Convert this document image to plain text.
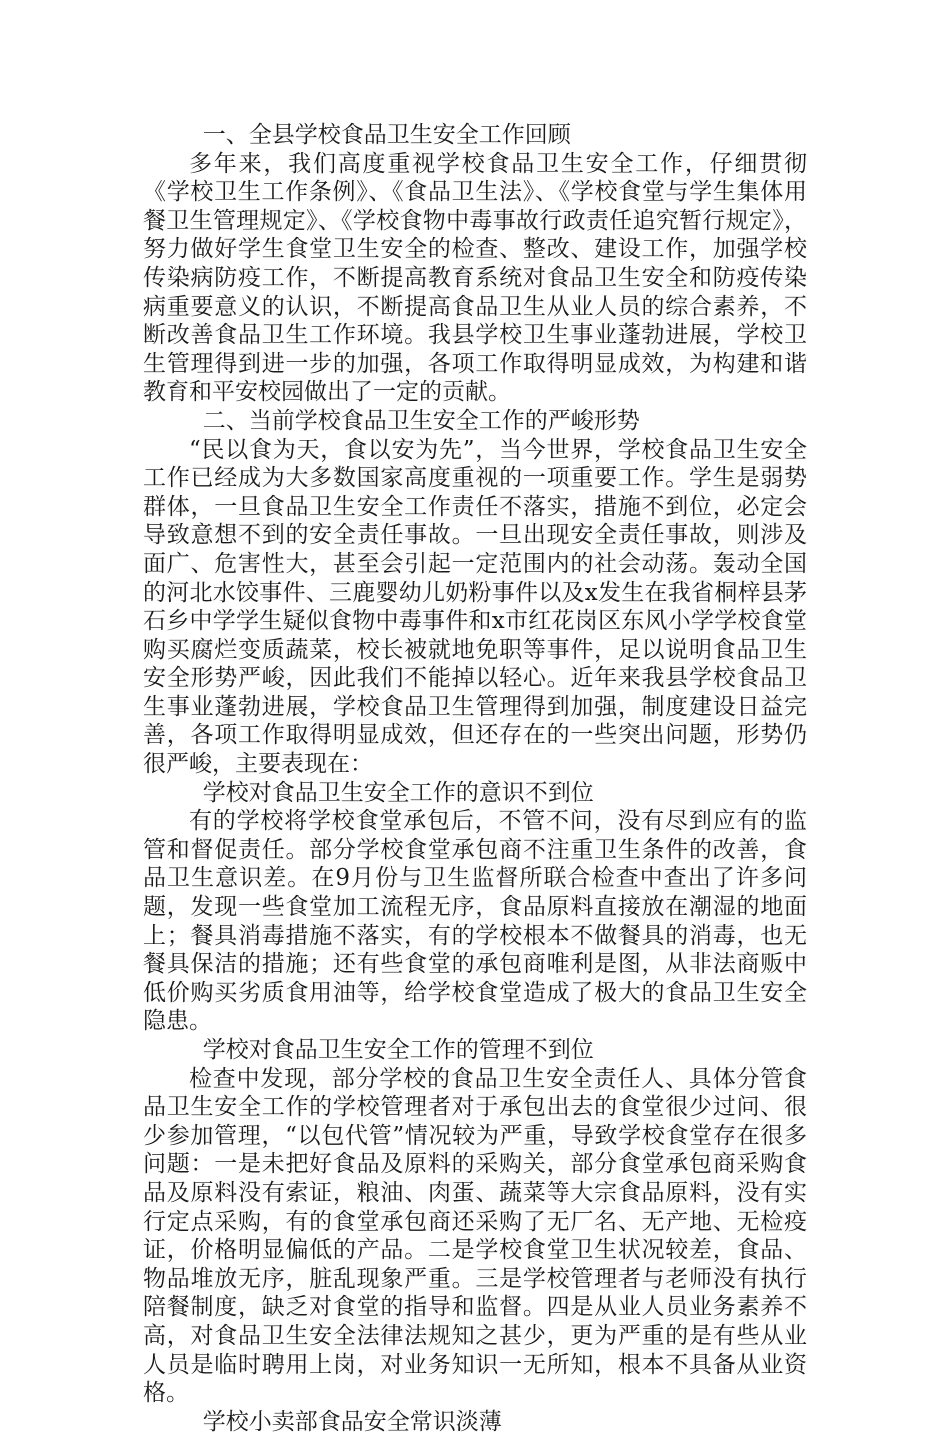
一、全县学校食品卫生安全工作回顾

多年来，我们高度重视学校食品卫生安全工作，仔细贯彻《学校卫生工作条例》、《食品卫生法》、《学校食堂与学生集体用餐卫生管理规定》、《学校食物中毒事故行政责任追究暂行规定》，努力做好学生食堂卫生安全的检查、整改、建设工作，加强学校传染病防疫工作，不断提高教育系统对食品卫生安全和防疫传染病重要意义的认识，不断提高食品卫生从业人员的综合素养，不断改善食品卫生工作环境。我县学校卫生事业蓬勃进展，学校卫生管理得到进一步的加强，各项工作取得明显成效，为构建和谐教育和平安校园做出了一定的贡献。

二、当前学校食品卫生安全工作的严峻形势

“民以食为天，食以安为先”，当今世界，学校食品卫生安全工作已经成为大多数国家高度重视的一项重要工作。学生是弱势群体，一旦食品卫生安全工作责任不落实，措施不到位，必定会导致意想不到的安全责任事故。一旦出现安全责任事故，则涉及面广、危害性大，甚至会引起一定范围内的社会动荡。轰动全国的河北水饺事件、三鹿婴幼儿奶粉事件以及x发生在我省桐梓县茅石乡中学学生疑似食物中毒事件和x市红花岗区东风小学学校食堂购买腐烂变质蔬菜，校长被就地免职等事件，足以说明食品卫生安全形势严峻，因此我们不能掉以轻心。近年来我县学校食品卫生事业蓬勃进展，学校食品卫生管理得到加强，制度建设日益完善，各项工作取得明显成效，但还存在的一些突出问题，形势仍很严峻，主要表现在：

学校对食品卫生安全工作的意识不到位

有的学校将学校食堂承包后，不管不问，没有尽到应有的监管和督促责任。部分学校食堂承包商不注重卫生条件的改善，食品卫生意识差。在9月份与卫生监督所联合检查中查出了许多问题，发现一些食堂加工流程无序，食品原料直接放在潮湿的地面上；餐具消毒措施不落实，有的学校根本不做餐具的消毒，也无餐具保洁的措施；还有些食堂的承包商唯利是图，从非法商贩中低价购买劣质食用油等，给学校食堂造成了极大的食品卫生安全隐患。

学校对食品卫生安全工作的管理不到位

检查中发现，部分学校的食品卫生安全责任人、具体分管食品卫生安全工作的学校管理者对于承包出去的食堂很少过问、很少参加管理，“以包代管”情况较为严重，导致学校食堂存在很多问题：一是未把好食品及原料的采购关，部分食堂承包商采购食品及原料没有索证，粮油、肉蛋、蔬菜等大宗食品原料，没有实行定点采购，有的食堂承包商还采购了无厂名、无产地、无检疫证，价格明显偏低的产品。二是学校食堂卫生状况较差，食品、物品堆放无序，脏乱现象严重。三是学校管理者与老师没有执行陪餐制度，缺乏对食堂的指导和监督。四是从业人员业务素养不高，对食品卫生安全法律法规知之甚少，更为严重的是有些从业人员是临时聘用上岗，对业务知识一无所知，根本不具备从业资格。

学校小卖部食品安全常识淡薄
